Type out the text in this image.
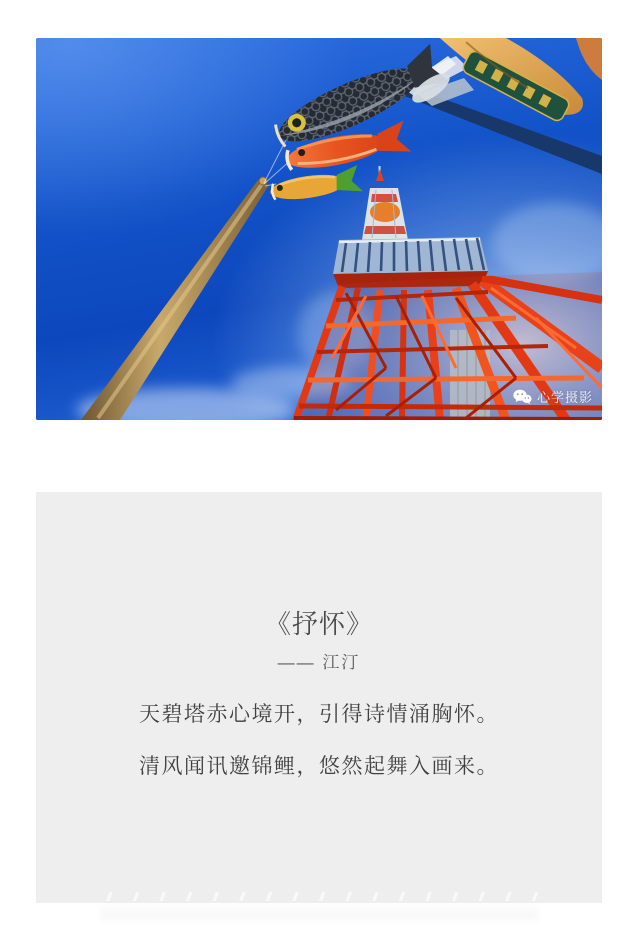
心学摄影
《抒怀》
—— 江汀

天碧塔赤心境开，引得诗情涌胸怀。

清风闻讯邀锦鲤，悠然起舞入画来。
